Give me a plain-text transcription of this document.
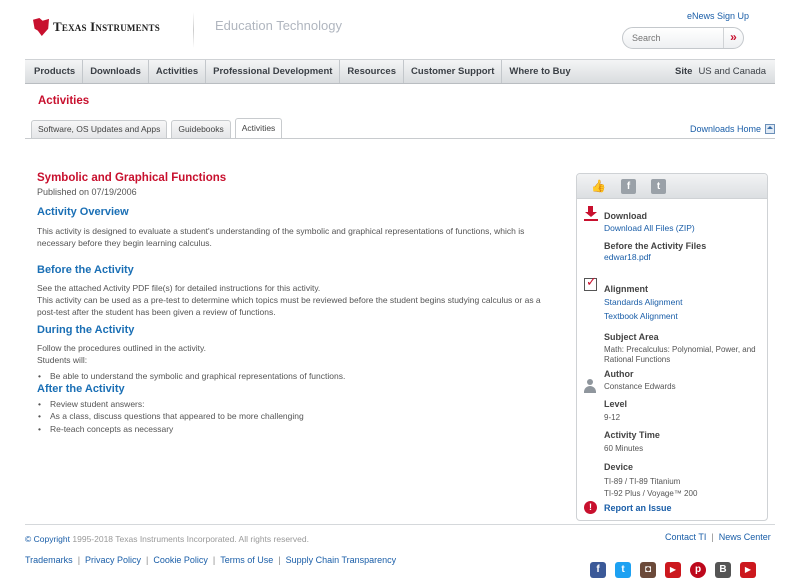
Texas Instruments	Education Technology
eNews Sign Up
Search
»
Products	Downloads	Activities	Professional Development	Resources	Customer Support	Where to Buy	Site US and Canada
Activities
Software, OS Updates and Apps	Guidebooks	Activities	Downloads Home
Symbolic and Graphical Functions
Published on 07/19/2006
Activity Overview
This activity is designed to evaluate a student's understanding of the symbolic and graphical representations of functions, which is necessary before they begin learning calculus.
Before the Activity
See the attached Activity PDF file(s) for detailed instructions for this activity.
This activity can be used as a pre-test to determine which topics must be reviewed before the student begins studying calculus or as a post-test after the student has been given a review of functions.
During the Activity
Follow the procedures outlined in the activity.
Students will:
• Be able to understand the symbolic and graphical representations of functions.
After the Activity
• Review student answers:
• As a class, discuss questions that appeared to be more challenging
• Re-teach concepts as necessary
👍	f	t
Download
Download All Files (ZIP)
Before the Activity Files
edwar18.pdf
✓
Alignment
Standards Alignment
Textbook Alignment
Subject Area
Math: Precalculus: Polynomial, Power, and Rational Functions
Author
Constance Edwards
Level
9-12
Activity Time
60 Minutes
Device
TI-89 / TI-89 Titanium
TI-92 Plus / Voyage™ 200
!	Report an Issue
© Copyright 1995-2018 Texas Instruments Incorporated. All rights reserved.	Contact TI | News Center
Trademarks | Privacy Policy | Cookie Policy | Terms of Use | Supply Chain Transparency
f	t	◘	▶	p	B	▶
